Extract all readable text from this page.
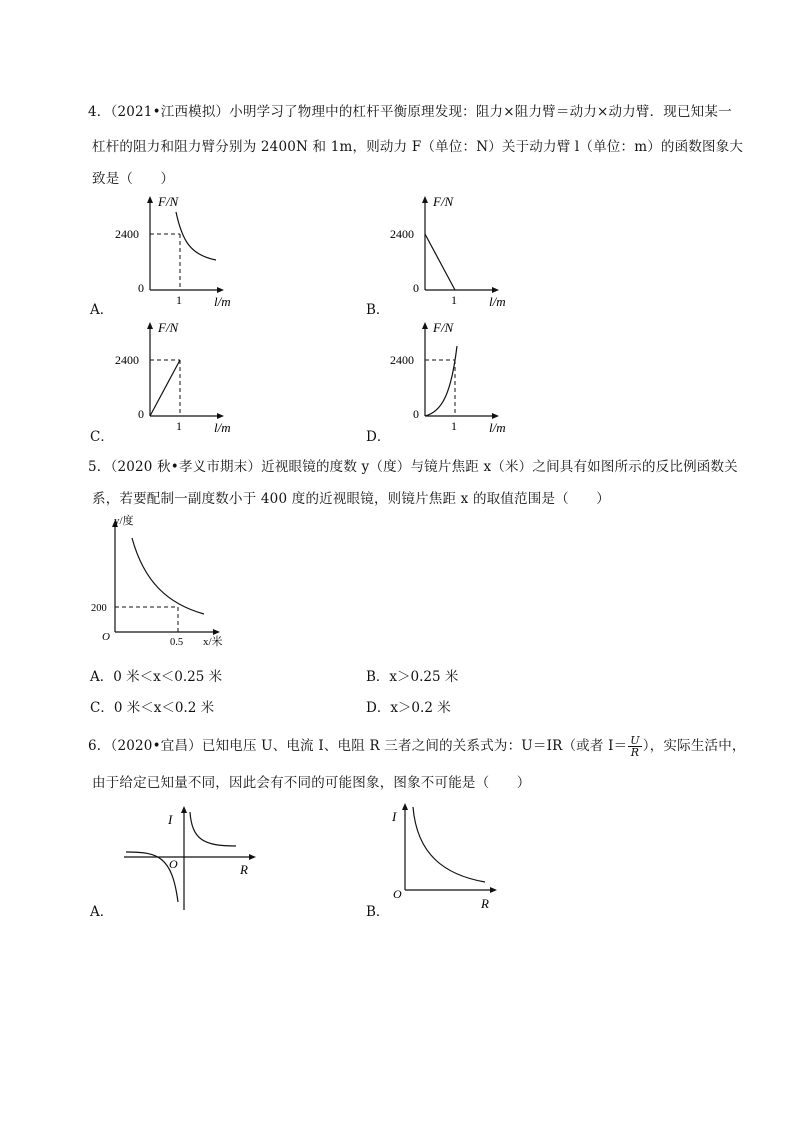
4．（2021•江西模拟）小明学习了物理中的杠杆平衡原理发现：阻力×阻力臂＝动力×动力臂．现已知某一
杠杆的阻力和阻力臂分别为 2400N 和 1m，则动力 F（单位：N）关于动力臂 l（单位：m）的函数图象大
致是（　　）
F/N
2400
0
1 l/m
A．
F/N
2400
0
1 l/m
B．
F/N
2400
0
1 l/m
C．
F/N
2400
0
1 l/m
D．
5．（2020 秋•孝义市期末）近视眼镜的度数 y（度）与镜片焦距 x（米）之间具有如图所示的反比例函数关
系，若要配制一副度数小于 400 度的近视眼镜，则镜片焦距 x 的取值范围是（　　）
y/度
200
O	0.5 x/米
A．0 米＜x＜0.25 米	B．x＞0.25 米
C．0 米＜x＜0.2 米	D．x＞0.2 米
6．（2020•宜昌）已知电压 U、电流 I、电阻 R 三者之间的关系式为：U＝IR（或者 $I= \frac{U}{R}$ ），实际生活中，
由于给定已知量不同，因此会有不同的可能图象，图象不可能是（　　）
I
O	R
A．
I
O
R
B．
